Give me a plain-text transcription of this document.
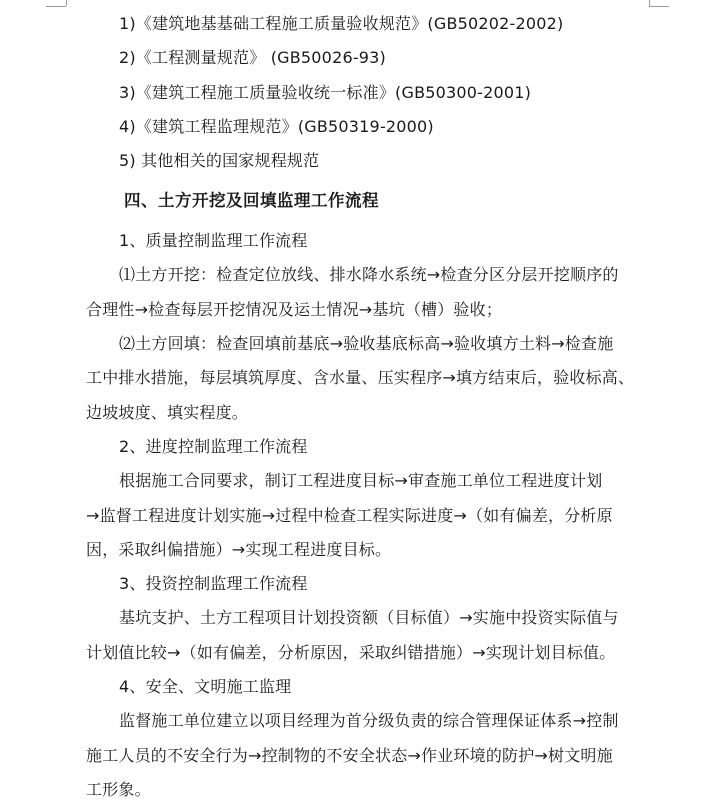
1)《建筑地基基础工程施工质量验收规范》(GB50202-2002)
2)《工程测量规范》 (GB50026-93)
3)《建筑工程施工质量验收统一标准》(GB50300-2001)
4)《建筑工程监理规范》(GB50319-2000)
5) 其他相关的国家规程规范
四、土方开挖及回填监理工作流程
1、质量控制监理工作流程
⑴土方开挖：检查定位放线、排水降水系统→检查分区分层开挖顺序的
合理性→检查每层开挖情况及运土情况→基坑（槽）验收；
⑵土方回填：检查回填前基底→验收基底标高→验收填方土料→检查施
工中排水措施，每层填筑厚度、含水量、压实程序→填方结束后，验收标高、
边坡坡度、填实程度。
2、进度控制监理工作流程
根据施工合同要求，制订工程进度目标→审查施工单位工程进度计划
→监督工程进度计划实施→过程中检查工程实际进度→（如有偏差，分析原
因，采取纠偏措施）→实现工程进度目标。
3、投资控制监理工作流程
基坑支护、土方工程项目计划投资额（目标值）→实施中投资实际值与
计划值比较→（如有偏差，分析原因，采取纠错措施）→实现计划目标值。
4、安全、文明施工监理
监督施工单位建立以项目经理为首分级负责的综合管理保证体系→控制
施工人员的不安全行为→控制物的不安全状态→作业环境的防护→树文明施
工形象。
